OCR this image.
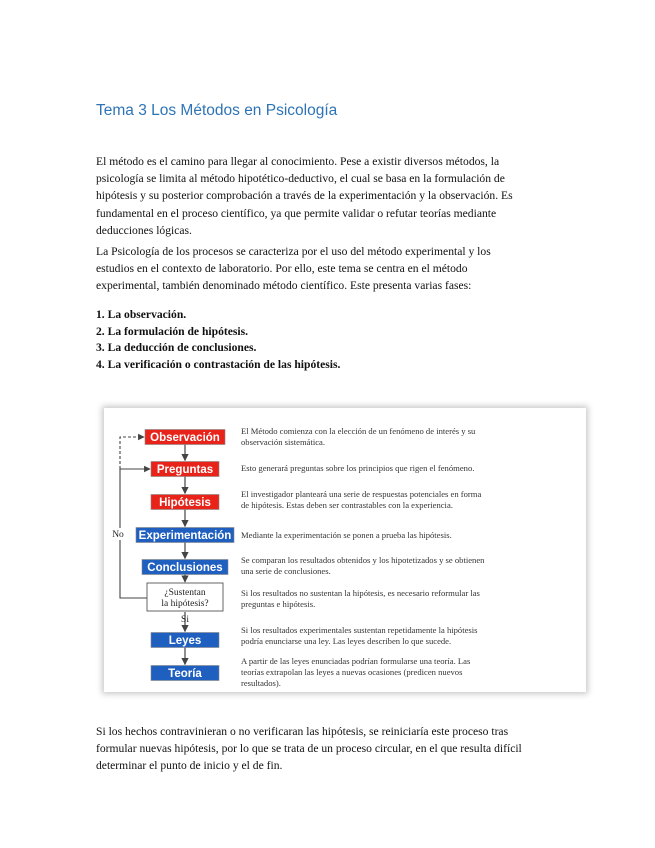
Tema 3 Los Métodos en Psicología
El método es el camino para llegar al conocimiento. Pese a existir diversos métodos, la
psicología se limita al método hipotético-deductivo, el cual se basa en la formulación de
hipótesis y su posterior comprobación a través de la experimentación y la observación. Es
fundamental en el proceso científico, ya que permite validar o refutar teorías mediante
deducciones lógicas.
La Psicología de los procesos se caracteriza por el uso del método experimental y los
estudios en el contexto de laboratorio. Por ello, este tema se centra en el método
experimental, también denominado método científico. Este presenta varias fases:
1. La observación.
2. La formulación de hipótesis.
3. La deducción de conclusiones.
4. La verificación o contrastación de las hipótesis.
No
Observación
El Método comienza con la elección de un fenómeno de interés y su
observación sistemática.
Preguntas	Esto generará preguntas sobre los principios que rigen el fenómeno.
Hipótesis
El investigador planteará una serie de respuestas potenciales en forma
de hipótesis. Estas deben ser contrastables con la experiencia.
Experimentación Mediante la experimentación se ponen a prueba las hipótesis.
Conclusiones
Se comparan los resultados obtenidos y los hipotetizados y se obtienen
una serie de conclusiones.
Leyes
Si los resultados experimentales sustentan repetidamente la hipótesis
podría enunciarse una ley. Las leyes describen lo que sucede.
Teoría
A partir de las leyes enunciadas podrían formularse una teoría. Las
teorías extrapolan las leyes a nuevas ocasiones (predicen nuevos
resultados).
¿Sustentan
la hipótesis?
Si los resultados no sustentan la hipótesis, es necesario reformular las
preguntas e hipótesis.
Si
Si los hechos contravinieran o no verificaran las hipótesis, se reiniciaría este proceso tras
formular nuevas hipótesis, por lo que se trata de un proceso circular, en el que resulta difícil
determinar el punto de inicio y el de fin.
